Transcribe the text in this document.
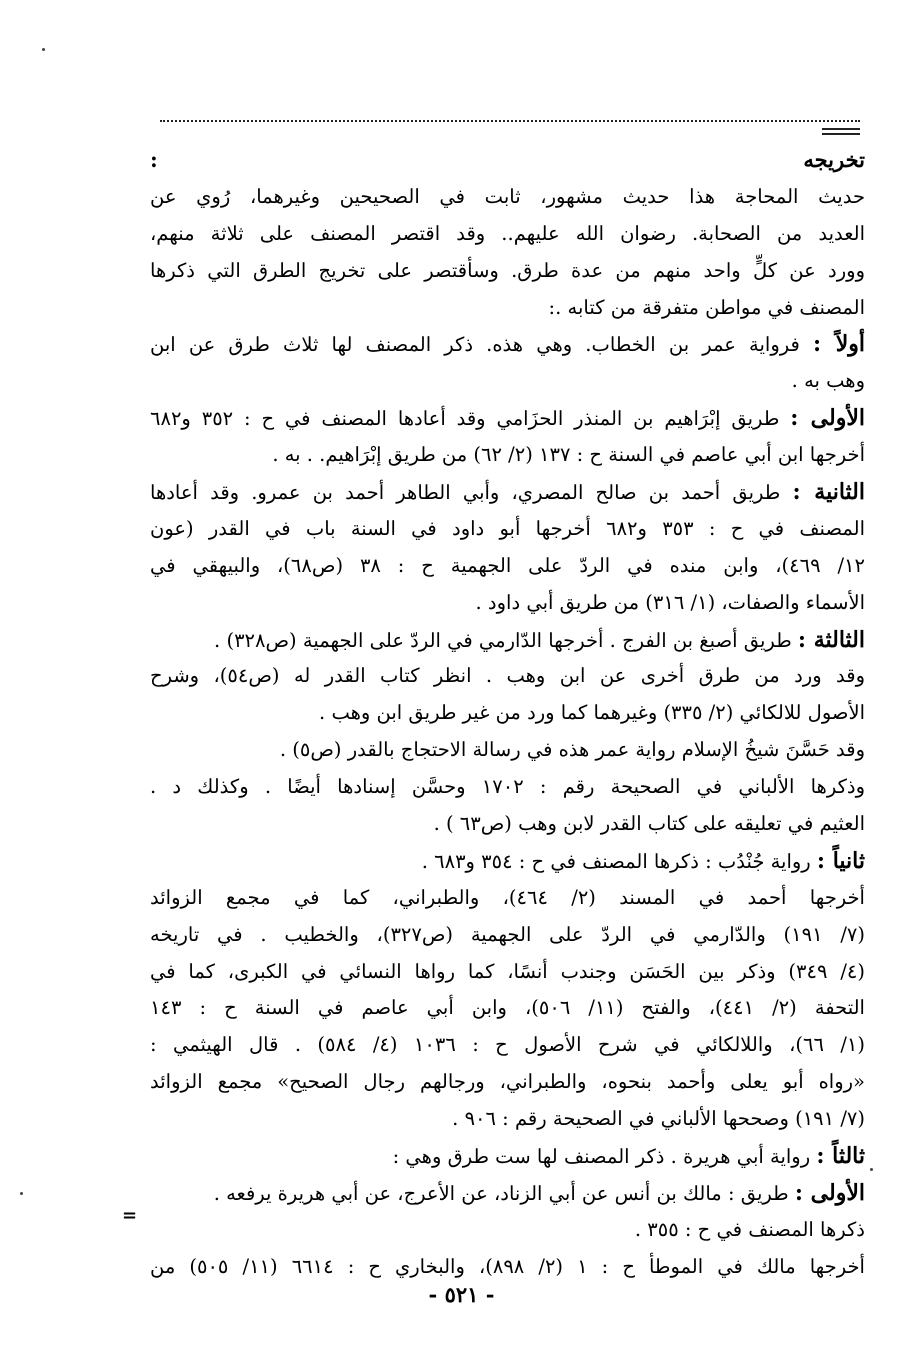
تخريجه :
حديث المحاجة هذا حديث مشهور، ثابت في الصحيحين وغيرهما، رُوي عن
العديد من الصحابة. رضوان الله عليهم.. وقد اقتصر المصنف على ثلاثة منهم،
وورد عن كلٍّ واحد منهم من عدة طرق. وسأقتصر على تخريج الطرق التي ذكرها
المصنف في مواطن متفرقة من كتابه .:
أولاً : فرواية عمر بن الخطاب. وهي هذه. ذكر المصنف لها ثلاث طرق عن ابن
وهب به .
الأولى : طريق إبْرَاهيم بن المنذر الحزَامي وقد أعادها المصنف في ح : ٣٥٢ و٦٨٢
أخرجها ابن أبي عاصم في السنة ح : ١٣٧ (٢/ ٦٢) من طريق إبْرَاهيم. . به .
الثانية : طريق أحمد بن صالح المصري، وأبي الطاهر أحمد بن عمرو. وقد أعادها
المصنف في ح : ٣٥٣ و٦٨٢ أخرجها أبو داود في السنة باب في القدر (عون
١٢/ ٤٦٩)، وابن منده في الردّ على الجهمية ح : ٣٨ (ص٦٨)، والبيهقي في
الأسماء والصفات، (١/ ٣١٦) من طريق أبي داود .
الثالثة : طريق أصبغ بن الفرج . أخرجها الدّارمي في الردّ على الجهمية (ص٣٢٨) .
وقد ورد من طرق أخرى عن ابن وهب . انظر كتاب القدر له (ص٥٤)، وشرح
الأصول للالكائي (٢/ ٣٣٥) وغيرهما كما ورد من غير طريق ابن وهب .
وقد حَسَّنَ شيخُ الإسلام رواية عمر هذه في رسالة الاحتجاج بالقدر (ص٥) .
وذكرها الألباني في الصحيحة رقم : ١٧٠٢ وحسَّن إسنادها أيضًا . وكذلك د .
العثيم في تعليقه على كتاب القدر لابن وهب (ص٦٣ ) .
ثانياً : رواية جُنْدُب : ذكرها المصنف في ح : ٣٥٤ و٦٨٣ .
أخرجها أحمد في المسند (٢/ ٤٦٤)، والطبراني، كما في مجمع الزوائد
(٧/ ١٩١) والدّارمي في الردّ على الجهمية (ص٣٢٧)، والخطيب . في تاريخه
(٤/ ٣٤٩) وذكر بين الحَسَن وجندب أنسًا، كما رواها النسائي في الكبرى، كما في
التحفة (٢/ ٤٤١)، والفتح (١١/ ٥٠٦)، وابن أبي عاصم في السنة ح : ١٤٣
(١/ ٦٦)، واللالكائي في شرح الأصول ح : ١٠٣٦ (٤/ ٥٨٤) . قال الهيثمي :
«رواه أبو يعلى وأحمد بنحوه، والطبراني، ورجالهم رجال الصحيح» مجمع الزوائد
(٧/ ١٩١) وصححها الألباني في الصحيحة رقم : ٩٠٦ .
ثالثاً : رواية أبي هريرة . ذكر المصنف لها ست طرق وهي :
الأولى : طريق : مالك بن أنس عن أبي الزناد، عن الأعرج، عن أبي هريرة يرفعه .
ذكرها المصنف في ح : ٣٥٥ .
أخرجها مالك في الموطأ ح : ١ (٢/ ٨٩٨)، والبخاري ح : ٦٦١٤ (١١/ ٥٠٥) من
=
- ٥٢١ -
